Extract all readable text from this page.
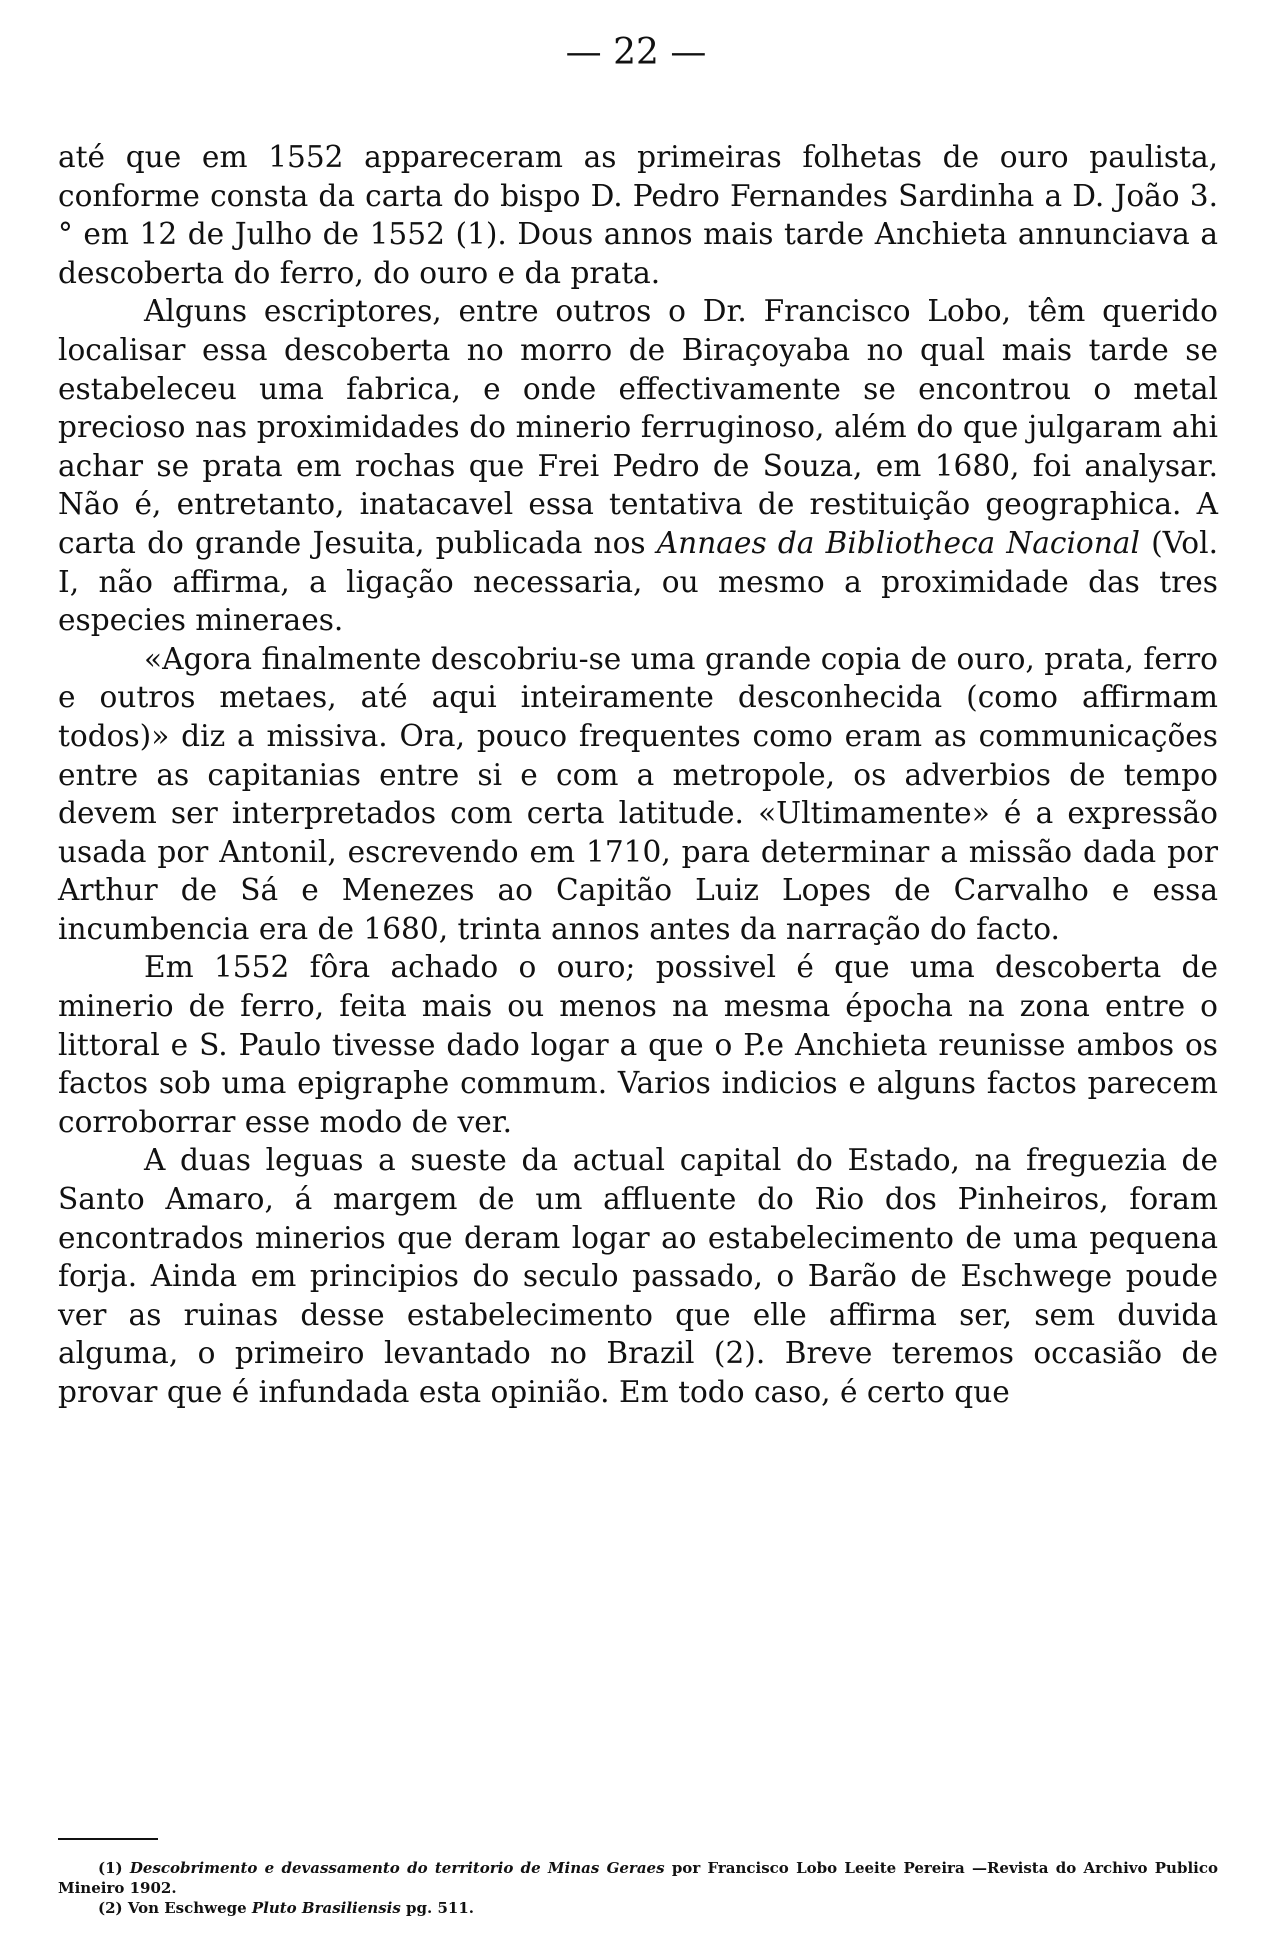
— 22 —

até que em 1552 appareceram as primeiras folhetas de ouro paulista, conforme consta da carta do bispo D. Pedro Fernandes Sardinha a D. João 3.° em 12 de Julho de 1552 (1). Dous annos mais tarde Anchieta annunciava a descoberta do ferro, do ouro e da prata.

Alguns escriptores, entre outros o Dr. Francisco Lobo, têm querido localisar essa descoberta no morro de Biraçoyaba no qual mais tarde se estabeleceu uma fabrica, e onde effectivamente se encontrou o metal precioso nas proximidades do minerio ferruginoso, além do que julgaram ahi achar se prata em rochas que Frei Pedro de Souza, em 1680, foi analysar. Não é, entretanto, inatacavel essa tentativa de restituição geographica. A carta do grande Jesuita, publicada nos Annaes da Bibliotheca Nacional (Vol. I, não affirma, a ligação necessaria, ou mesmo a proximidade das tres especies mineraes.

«Agora finalmente descobriu-se uma grande copia de ouro, prata, ferro e outros metaes, até aqui inteiramente desconhecida (como affirmam todos)» diz a missiva. Ora, pouco frequentes como eram as communicações entre as capitanias entre si e com a metropole, os adverbios de tempo devem ser interpretados com certa latitude. «Ultimamente» é a expressão usada por Antonil, escrevendo em 1710, para determinar a missão dada por Arthur de Sá e Menezes ao Capitão Luiz Lopes de Carvalho e essa incumbencia era de 1680, trinta annos antes da narração do facto.

Em 1552 fôra achado o ouro; possivel é que uma descoberta de minerio de ferro, feita mais ou menos na mesma épocha na zona entre o littoral e S. Paulo tivesse dado logar a que o P.e Anchieta reunisse ambos os factos sob uma epigraphe commum. Varios indicios e alguns factos parecem corroborrar esse modo de ver.

A duas leguas a sueste da actual capital do Estado, na freguezia de Santo Amaro, á margem de um affluente do Rio dos Pinheiros, foram encontrados minerios que deram logar ao estabelecimento de uma pequena forja. Ainda em principios do seculo passado, o Barão de Eschwege poude ver as ruinas desse estabelecimento que elle affirma ser, sem duvida alguma, o primeiro levantado no Brazil (2). Breve teremos occasião de provar que é infundada esta opinião. Em todo caso, é certo que

(1) Descobrimento e devassamento do territorio de Minas Geraes por Francisco Lobo Leeite Pereira —Revista do Archivo Publico Mineiro 1902.

(2) Von Eschwege Pluto Brasiliensis pg. 511.
